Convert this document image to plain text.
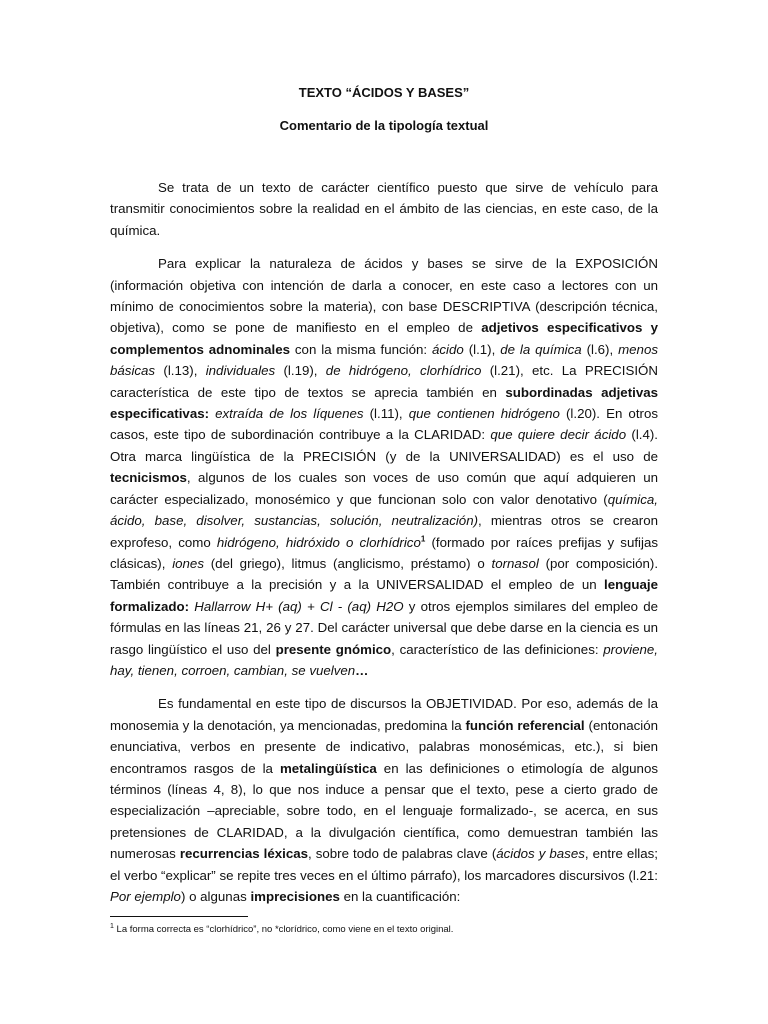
TEXTO “ÁCIDOS Y BASES”
Comentario de la tipología textual

Se trata de un texto de carácter científico puesto que sirve de vehículo para transmitir conocimientos sobre la realidad en el ámbito de las ciencias, en este caso, de la química.

Para explicar la naturaleza de ácidos y bases se sirve de la EXPOSICIÓN (información objetiva con intención de darla a conocer, en este caso a lectores con un mínimo de conocimientos sobre la materia), con base DESCRIPTIVA (descripción técnica, objetiva), como se pone de manifiesto en el empleo de adjetivos especificativos y complementos adnominales con la misma función: ácido (l.1), de la química (l.6), menos básicas (l.13), individuales (l.19), de hidrógeno, clorhídrico (l.21), etc. La PRECISIÓN característica de este tipo de textos se aprecia también en subordinadas adjetivas especificativas: extraída de los líquenes (l.11), que contienen hidrógeno (l.20). En otros casos, este tipo de subordinación contribuye a la CLARIDAD: que quiere decir ácido (l.4). Otra marca lingüística de la PRECISIÓN (y de la UNIVERSALIDAD) es el uso de tecnicismos, algunos de los cuales son voces de uso común que aquí adquieren un carácter especializado, monosémico y que funcionan solo con valor denotativo (química, ácido, base, disolver, sustancias, solución, neutralización), mientras otros se crearon exprofeso, como hidrógeno, hidróxido o clorhídrico$^1$ (formado por raíces prefijas y sufijas clásicas), iones (del griego), litmus (anglicismo, préstamo) o tornasol (por composición). También contribuye a la precisión y a la UNIVERSALIDAD el empleo de un lenguaje formalizado: Hallarrow H+ (aq) + Cl - (aq) H2O y otros ejemplos similares del empleo de fórmulas en las líneas 21, 26 y 27. Del carácter universal que debe darse en la ciencia es un rasgo lingüístico el uso del presente gnómico, característico de las definiciones: proviene, hay, tienen, corroen, cambian, se vuelven…

Es fundamental en este tipo de discursos la OBJETIVIDAD. Por eso, además de la monosemia y la denotación, ya mencionadas, predomina la función referencial (entonación enunciativa, verbos en presente de indicativo, palabras monosémicas, etc.), si bien encontramos rasgos de la metalingüística en las definiciones o etimología de algunos términos (líneas 4, 8), lo que nos induce a pensar que el texto, pese a cierto grado de especialización –apreciable, sobre todo, en el lenguaje formalizado-, se acerca, en sus pretensiones de CLARIDAD, a la divulgación científica, como demuestran también las numerosas recurrencias léxicas, sobre todo de palabras clave (ácidos y bases, entre ellas; el verbo “explicar” se repite tres veces en el último párrafo), los marcadores discursivos (l.21: Por ejemplo) o algunas imprecisiones en la cuantificación:

$^1$ La forma correcta es “clorhídrico”, no *clorídrico, como viene en el texto original.
